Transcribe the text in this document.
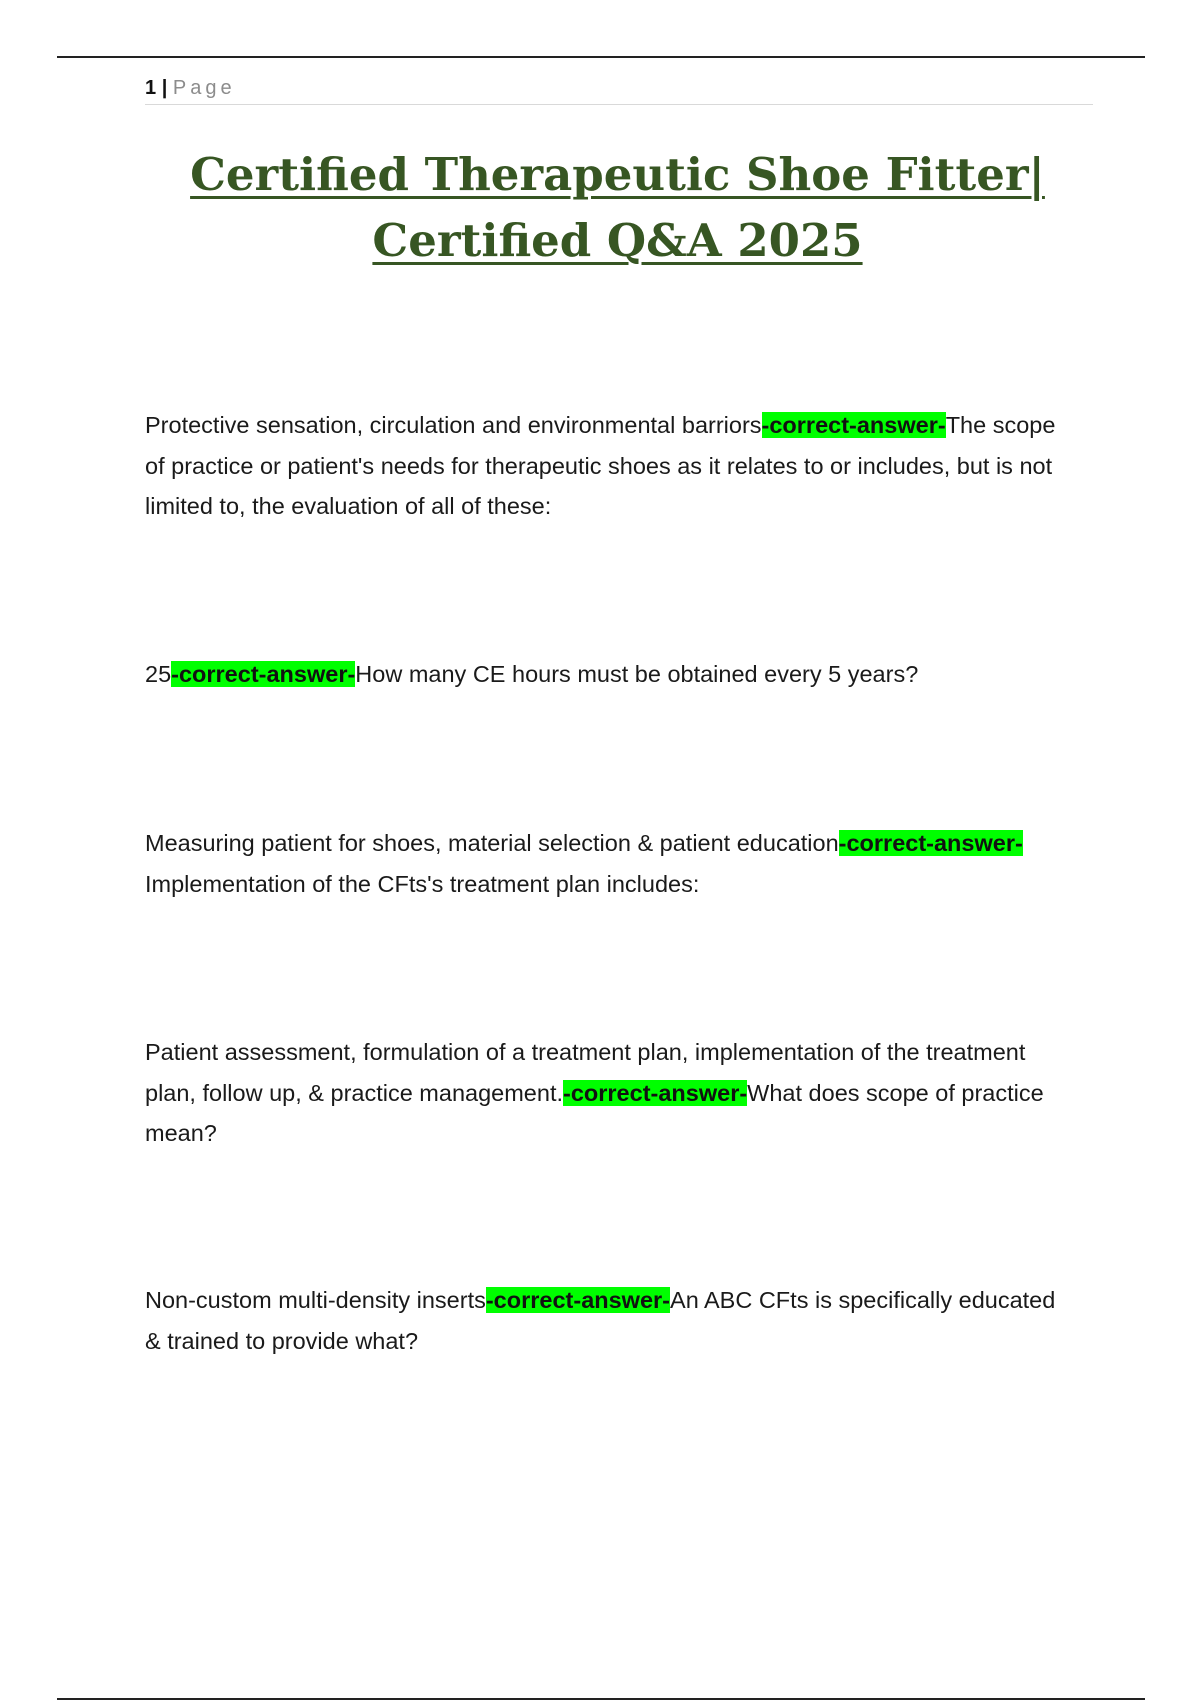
1 | Page
Certified Therapeutic Shoe Fitter|
Certified Q&A 2025

Protective sensation, circulation and environmental barriors-correct-answer-The scope of practice or patient's needs for therapeutic shoes as it relates to or includes, but is not limited to, the evaluation of all of these:

25-correct-answer-How many CE hours must be obtained every 5 years?

Measuring patient for shoes, material selection & patient education-correct-answer-Implementation of the CFts's treatment plan includes:

Patient assessment, formulation of a treatment plan, implementation of the treatment plan, follow up, & practice management.-correct-answer-What does scope of practice mean?

Non-custom multi-density inserts-correct-answer-An ABC CFts is specifically educated & trained to provide what?
